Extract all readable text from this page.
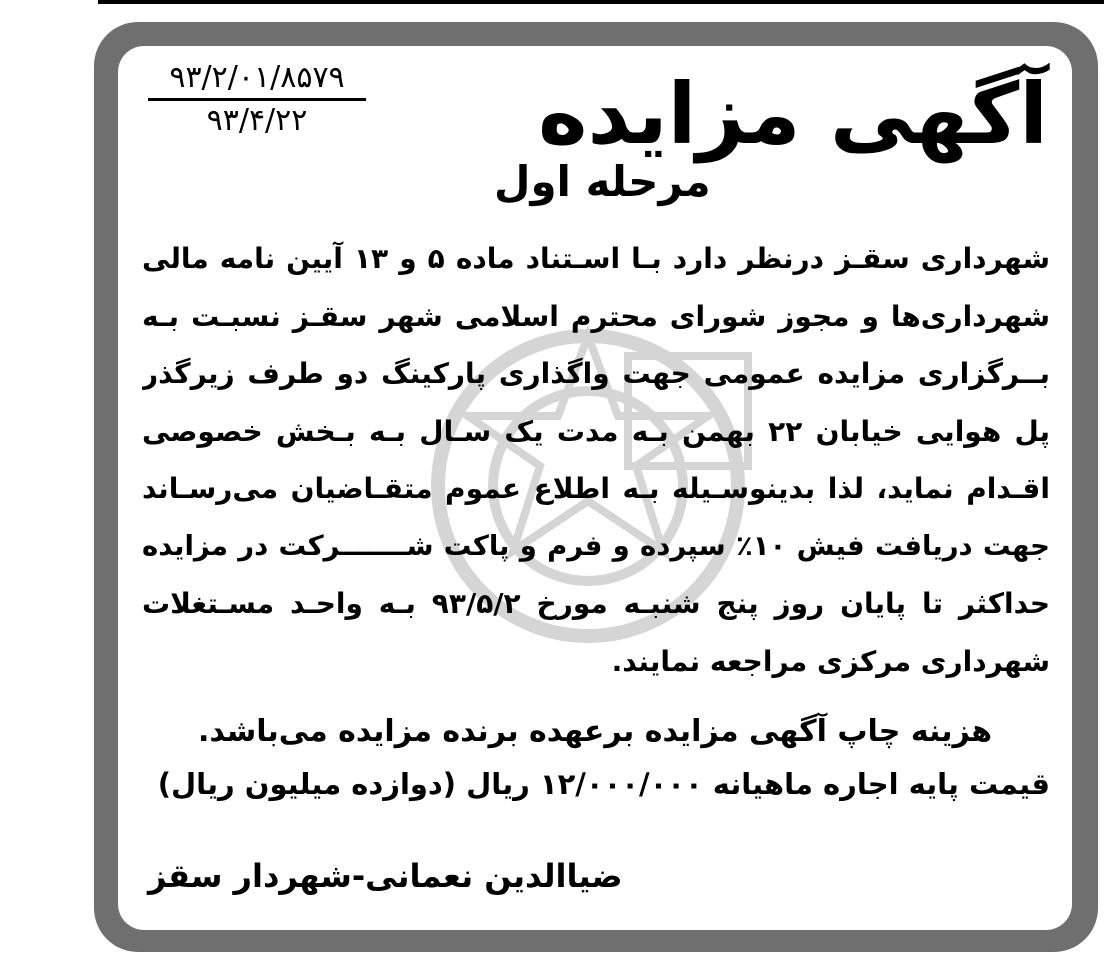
۹۳/۲/۰۱/۸۵۷۹
۹۳/۴/۲۲	آگهی مزایده
مرحله اول
شهرداری سقـز درنظر دارد بـا اسـتناد ماده ۵ و ۱۳ آیین نامه مالی
شهرداری‌ها و مجوز شورای محترم اسلامی شهر سقـز نسبـت بـه
بــرگزاری مزایده عمومی جهت واگذاری پارکینگ دو طرف زیرگذر
پل هوایی خیابان ۲۲ بهمن بـه مدت یک سـال بـه بـخش خصوصی
اقـدام نماید، لذا بدینوسـیله بـه اطلاع عموم متقـاضیان می‌رسـاند
جهت دریافت فیش ۱۰٪ سپرده و فرم و پاکت شـــــــرکت در مزایده
حداکثر تا پایان روز پنج شنبـه مورخ ۹۳/۵/۲ بـه واحـد مسـتغلات
شهرداری مرکزی مراجعه نمایند.
هزینه چاپ آگهی مزایده برعهده برنده مزایده می‌باشد.
قیمت پایه اجاره ماهیانه ۱۲/۰۰۰/۰۰۰ ریال (دوازده میلیون ریال)
ضیاالدین نعمانی-شهردار سقز
